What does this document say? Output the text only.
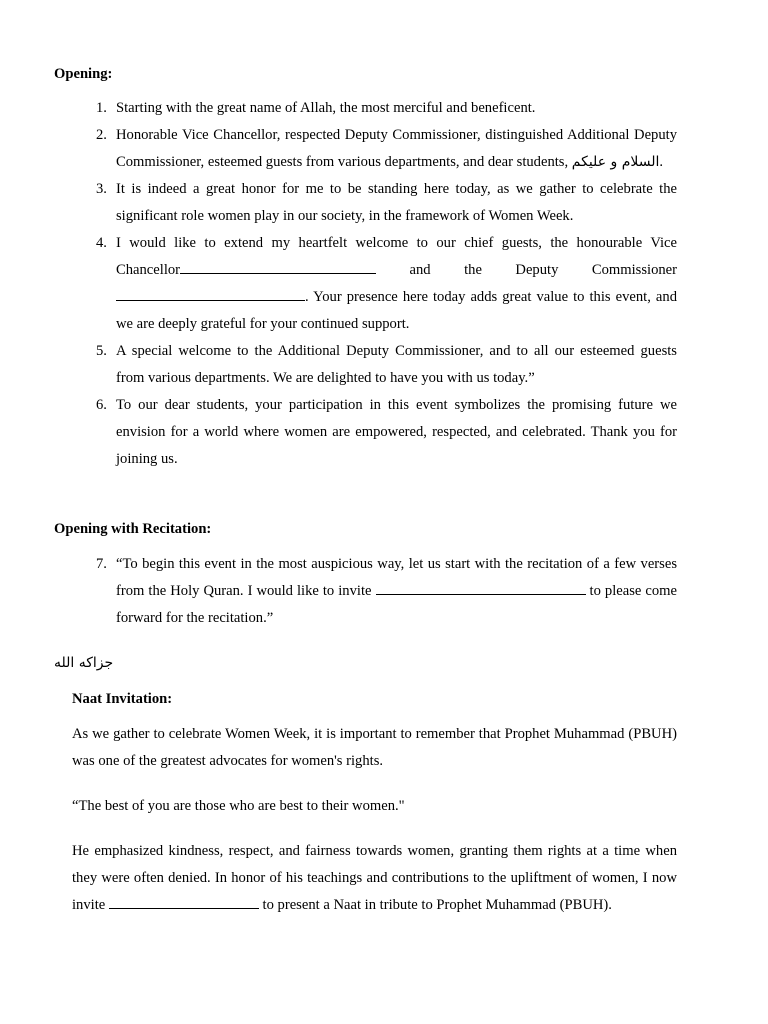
Opening:

1. Starting with the great name of Allah, the most merciful and beneficent.
2. Honorable Vice Chancellor, respected Deputy Commissioner, distinguished Additional Deputy Commissioner, esteemed guests from various departments, and dear students, السلام و عليكم.
3. It is indeed a great honor for me to be standing here today, as we gather to celebrate the significant role women play in our society, in the framework of Women Week.
4. I would like to extend my heartfelt welcome to our chief guests, the honourable Vice Chancellor	and the Deputy Commissioner. Your presence here today adds great value to this event, and we are deeply grateful for your continued support.
5. A special welcome to the Additional Deputy Commissioner, and to all our esteemed guests from various departments. We are delighted to have you with us today.”
6. To our dear students, your participation in this event symbolizes the promising future we envision for a world where women are empowered, respected, and celebrated. Thank you for joining us.

Opening with Recitation:

7. “To begin this event in the most auspicious way, let us start with the recitation of a few verses from the Holy Quran. I would like to invite	to please come forward for the recitation.”

جزاكه الله

Naat Invitation:

As we gather to celebrate Women Week, it is important to remember that Prophet Muhammad (PBUH) was one of the greatest advocates for women's rights.

“The best of you are those who are best to their women."

He emphasized kindness, respect, and fairness towards women, granting them rights at a time when they were often denied. In honor of his teachings and contributions to the upliftment of women, I now invite	to present a Naat in tribute to Prophet Muhammad (PBUH).
